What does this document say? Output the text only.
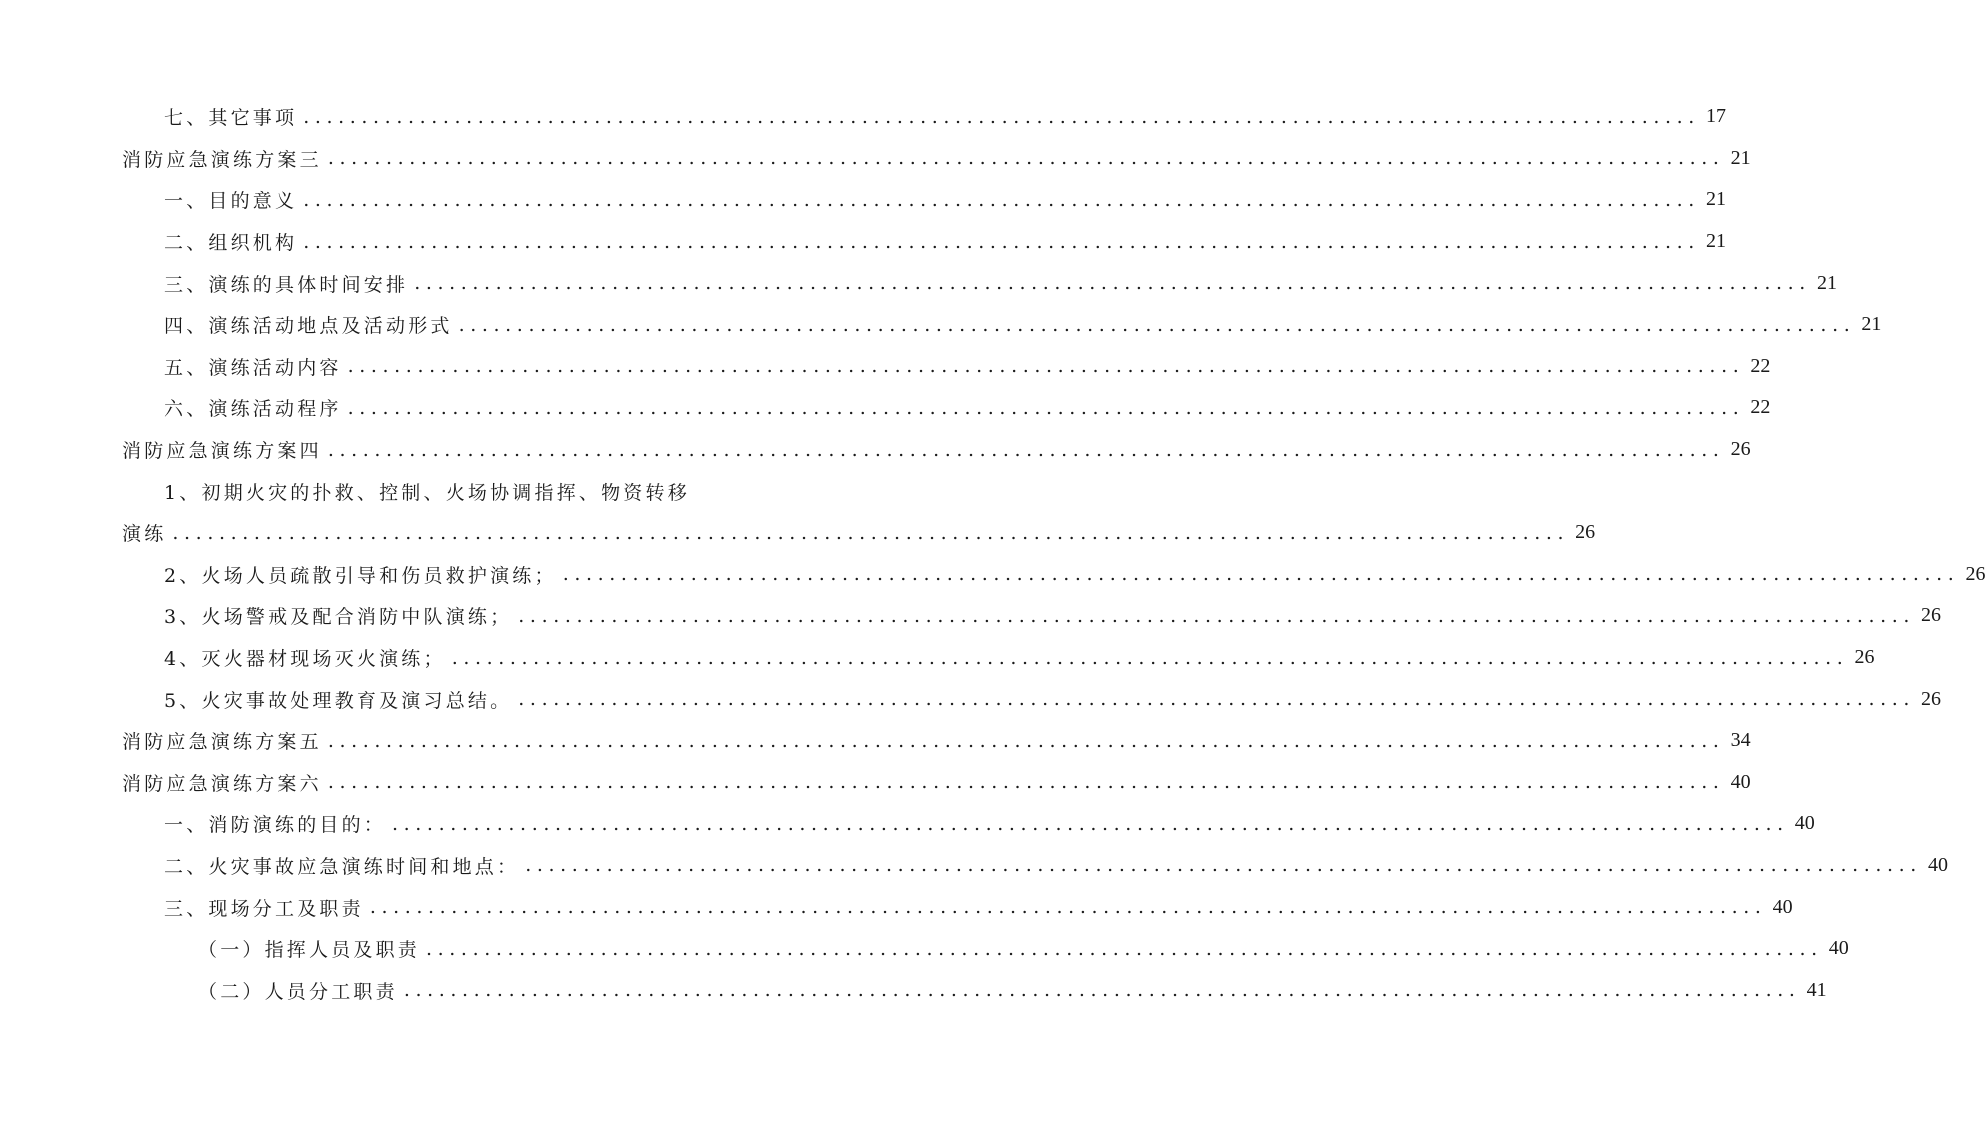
七、其它事项 ........................................................................................................................ 17
消防应急演练方案三 ........................................................................................................................ 21
一、目的意义 ........................................................................................................................ 21
二、组织机构 ........................................................................................................................ 21
三、演练的具体时间安排 ........................................................................................................................ 21
四、演练活动地点及活动形式 ........................................................................................................................ 21
五、演练活动内容 ........................................................................................................................ 22
六、演练活动程序 ........................................................................................................................ 22
消防应急演练方案四 ........................................................................................................................ 26
1、初期火灾的扑救、控制、火场协调指挥、物资转移
演练 ........................................................................................................................ 26
2、火场人员疏散引导和伤员救护演练； ........................................................................................................................ 26
3、火场警戒及配合消防中队演练； ........................................................................................................................ 26
4、灭火器材现场灭火演练； ........................................................................................................................ 26
5、火灾事故处理教育及演习总结。 ........................................................................................................................ 26
消防应急演练方案五 ........................................................................................................................ 34
消防应急演练方案六 ........................................................................................................................ 40
一、消防演练的目的： ........................................................................................................................ 40
二、火灾事故应急演练时间和地点： ........................................................................................................................ 40
三、现场分工及职责 ........................................................................................................................ 40
（一）指挥人员及职责 ........................................................................................................................ 40
（二）人员分工职责 ........................................................................................................................ 41
